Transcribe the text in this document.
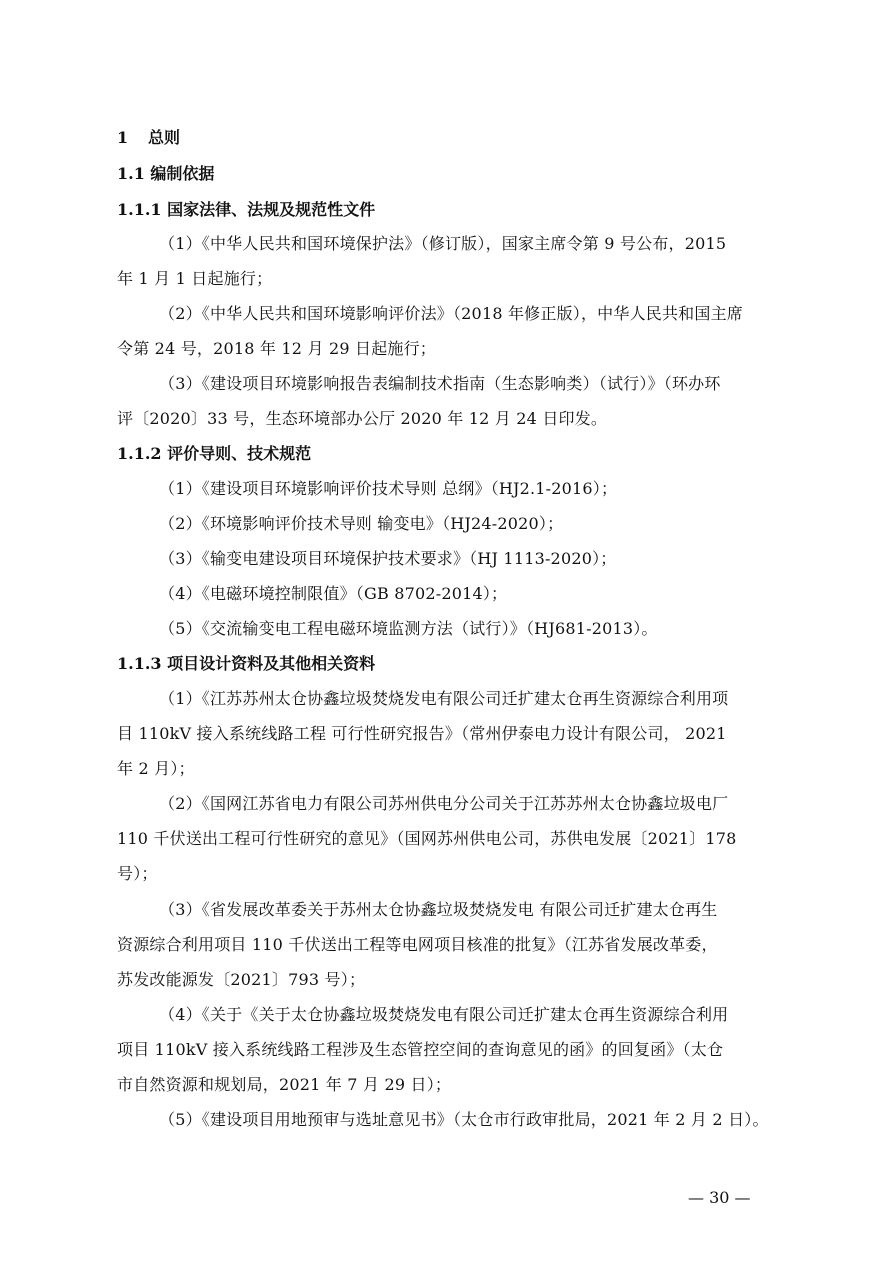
1 总则
1.1 编制依据
1.1.1 国家法律、法规及规范性文件

（1）《中华人民共和国环境保护法》（修订版），国家主席令第 9 号公布，2015

年 1 月 1 日起施行；

（2）《中华人民共和国环境影响评价法》（2018 年修正版），中华人民共和国主席

令第 24 号，2018 年 12 月 29 日起施行；

（3）《建设项目环境影响报告表编制技术指南（生态影响类）（试行）》（环办环

评〔2020〕33 号，生态环境部办公厅 2020 年 12 月 24 日印发。

1.1.2 评价导则、技术规范

（1）《建设项目环境影响评价技术导则 总纲》（HJ2.1-2016）；

（2）《环境影响评价技术导则 输变电》（HJ24-2020）；

（3）《输变电建设项目环境保护技术要求》（HJ 1113-2020）；

（4）《电磁环境控制限值》（GB 8702-2014）；

（5）《交流输变电工程电磁环境监测方法（试行）》（HJ681-2013）。

1.1.3 项目设计资料及其他相关资料

（1）《江苏苏州太仓协鑫垃圾焚烧发电有限公司迁扩建太仓再生资源综合利用项

目 110kV 接入系统线路工程 可行性研究报告》（常州伊泰电力设计有限公司， 2021

年 2 月）；

（2）《国网江苏省电力有限公司苏州供电分公司关于江苏苏州太仓协鑫垃圾电厂

110 千伏送出工程可行性研究的意见》（国网苏州供电公司，苏供电发展〔2021〕178

号）；

（3）《省发展改革委关于苏州太仓协鑫垃圾焚烧发电 有限公司迁扩建太仓再生

资源综合利用项目 110 千伏送出工程等电网项目核准的批复》（江苏省发展改革委，

苏发改能源发〔2021〕793 号）；

（4）《关于《关于太仓协鑫垃圾焚烧发电有限公司迁扩建太仓再生资源综合利用

项目 110kV 接入系统线路工程涉及生态管控空间的查询意见的函》的回复函》（太仓

市自然资源和规划局，2021 年 7 月 29 日）；

（5）《建设项目用地预审与选址意见书》（太仓市行政审批局，2021 年 2 月 2 日）。

— 30 —
